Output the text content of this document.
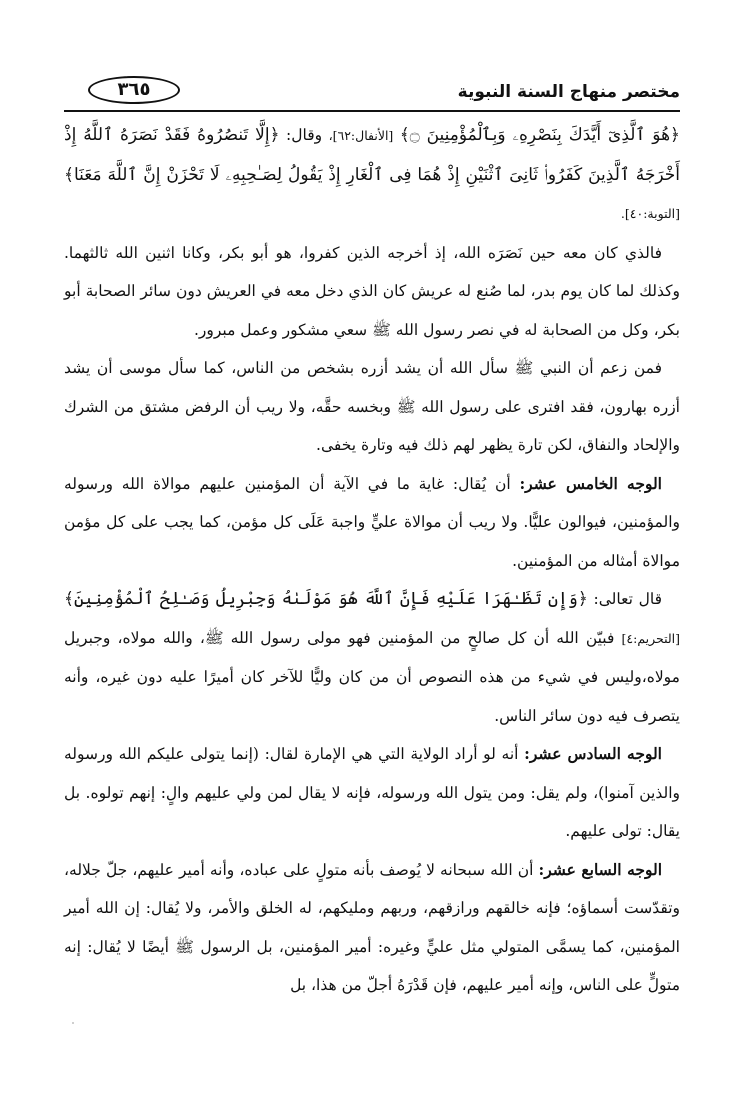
مختصر منهاج السنة النبوية
٣٦٥

﴿هُوَ ٱلَّذِىٓ أَيَّدَكَ بِنَصْرِهِۦ وَبِٱلْمُؤْمِنِينَ ۝﴾ [الأنفال:٦٢]، وقال: ﴿إِلَّا تَنصُرُوهُ فَقَدْ نَصَرَهُ ٱللَّهُ إِذْ أَخْرَجَهُ ٱلَّذِينَ كَفَرُوا۟ ثَانِىَ ٱثْنَيْنِ إِذْ هُمَا فِى ٱلْغَارِ إِذْ يَقُولُ لِصَـٰحِبِهِۦ لَا تَحْزَنْ إِنَّ ٱللَّهَ مَعَنَا﴾ [التوبة:٤٠].

فالذي كان معه حين نَصَرَه الله، إذ أخرجه الذين كفروا، هو أبو بكر، وكانا اثنين الله ثالثهما. وكذلك لما كان يوم بدر، لما صُنع له عريش كان الذي دخل معه في العريش دون سائر الصحابة أبو بكر، وكل من الصحابة له في نصر رسول الله ﷺ سعي مشكور وعمل مبرور.

فمن زعم أن النبي ﷺ سأل الله أن يشد أزره بشخص من الناس، كما سأل موسى أن يشد أزره بهارون، فقد افترى على رسول الله ﷺ وبخسه حقَّه، ولا ريب أن الرفض مشتق من الشرك والإلحاد والنفاق، لكن تارة يظهر لهم ذلك فيه وتارة يخفى.

الوجه الخامس عشر: أن يُقال: غاية ما في الآية أن المؤمنين عليهم موالاة الله ورسوله والمؤمنين، فيوالون عليًّا. ولا ريب أن موالاة عليٍّ واجبة عَلَى كل مؤمن، كما يجب على كل مؤمن موالاة أمثاله من المؤمنين.

قال تعالى: ﴿وَإِن تَظَـٰهَرَا عَلَيْهِ فَإِنَّ ٱللَّهَ هُوَ مَوْلَىٰهُ وَجِبْرِيلُ وَصَـٰلِحُ ٱلْمُؤْمِنِينَ﴾ [التحريم:٤] فبيّن الله أن كل صالحٍ من المؤمنين فهو مولى رسول الله ﷺ، والله مولاه، وجبريل مولاه،وليس في شيء من هذه النصوص أن من كان وليًّا للآخر كان أميرًا عليه دون غيره، وأنه يتصرف فيه دون سائر الناس.

الوجه السادس عشر: أنه لو أراد الولاية التي هي الإمارة لقال: (إنما يتولى عليكم الله ورسوله والذين آمنوا)، ولم يقل: ومن يتول الله ورسوله، فإنه لا يقال لمن ولي عليهم والٍ: إنهم تولوه. بل يقال: تولى عليهم.

الوجه السابع عشر: أن الله سبحانه لا يُوصف بأنه متولٍ على عباده، وأنه أمير عليهم، جلّ جلاله، وتقدّست أسماؤه؛ فإنه خالقهم ورازقهم، وربهم ومليكهم، له الخلق والأمر، ولا يُقال: إن الله أمير المؤمنين، كما يسمَّى المتولي مثل عليٍّ وغيره: أمير المؤمنين، بل الرسول ﷺ أيضًا لا يُقال: إنه متولٍّ على الناس، وإنه أمير عليهم، فإن قَدْرَهُ أجلّ من هذا، بل
